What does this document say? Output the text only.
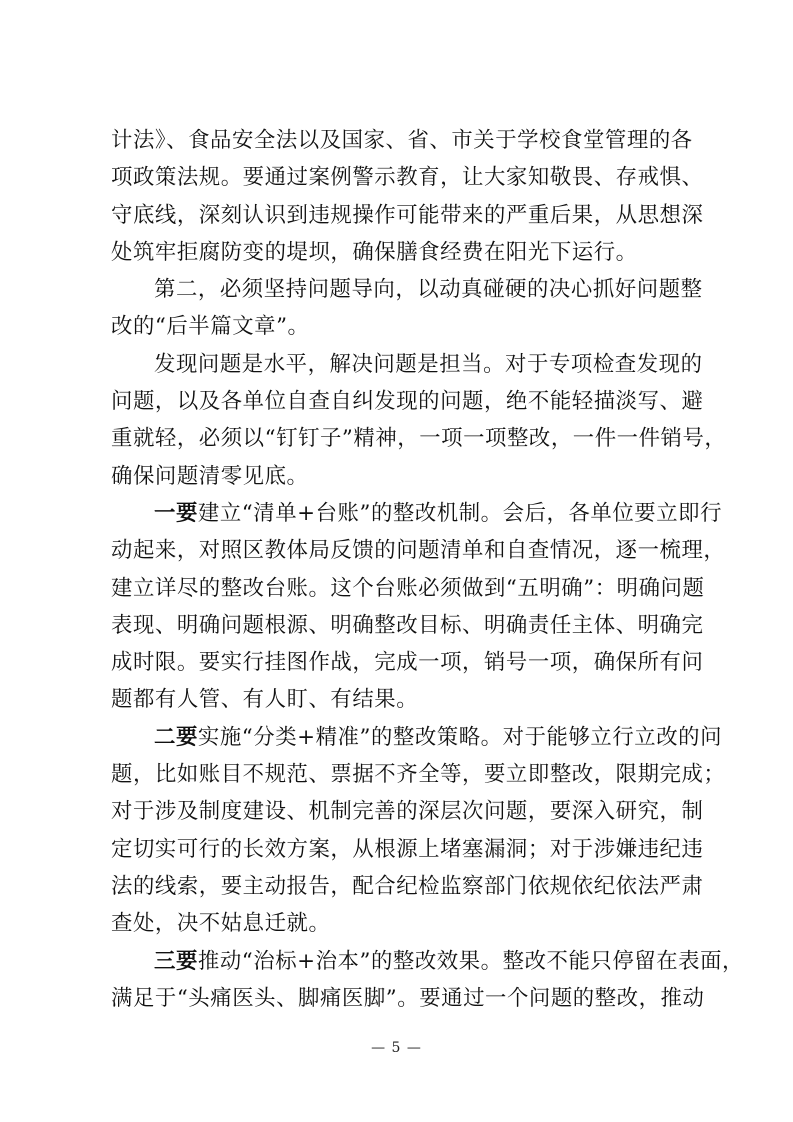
计法》、食品安全法以及国家、省、市关于学校食堂管理的各
项政策法规。要通过案例警示教育，让大家知敬畏、存戒惧、
守底线，深刻认识到违规操作可能带来的严重后果，从思想深
处筑牢拒腐防变的堤坝，确保膳食经费在阳光下运行。
第二，必须坚持问题导向，以动真碰硬的决心抓好问题整
改的“后半篇文章”。
发现问题是水平，解决问题是担当。对于专项检查发现的
问题，以及各单位自查自纠发现的问题，绝不能轻描淡写、避
重就轻，必须以“钉钉子”精神，一项一项整改，一件一件销号，
确保问题清零见底。
一要建立“清单+台账”的整改机制。会后，各单位要立即行
动起来，对照区教体局反馈的问题清单和自查情况，逐一梳理，
建立详尽的整改台账。这个台账必须做到“五明确”：明确问题
表现、明确问题根源、明确整改目标、明确责任主体、明确完
成时限。要实行挂图作战，完成一项，销号一项，确保所有问
题都有人管、有人盯、有结果。
二要实施“分类+精准”的整改策略。对于能够立行立改的问
题，比如账目不规范、票据不齐全等，要立即整改，限期完成；
对于涉及制度建设、机制完善的深层次问题，要深入研究，制
定切实可行的长效方案，从根源上堵塞漏洞；对于涉嫌违纪违
法的线索，要主动报告，配合纪检监察部门依规依纪依法严肃
查处，决不姑息迁就。
三要推动“治标+治本”的整改效果。整改不能只停留在表面，
满足于“头痛医头、脚痛医脚”。要通过一个问题的整改，推动
— 5 —
